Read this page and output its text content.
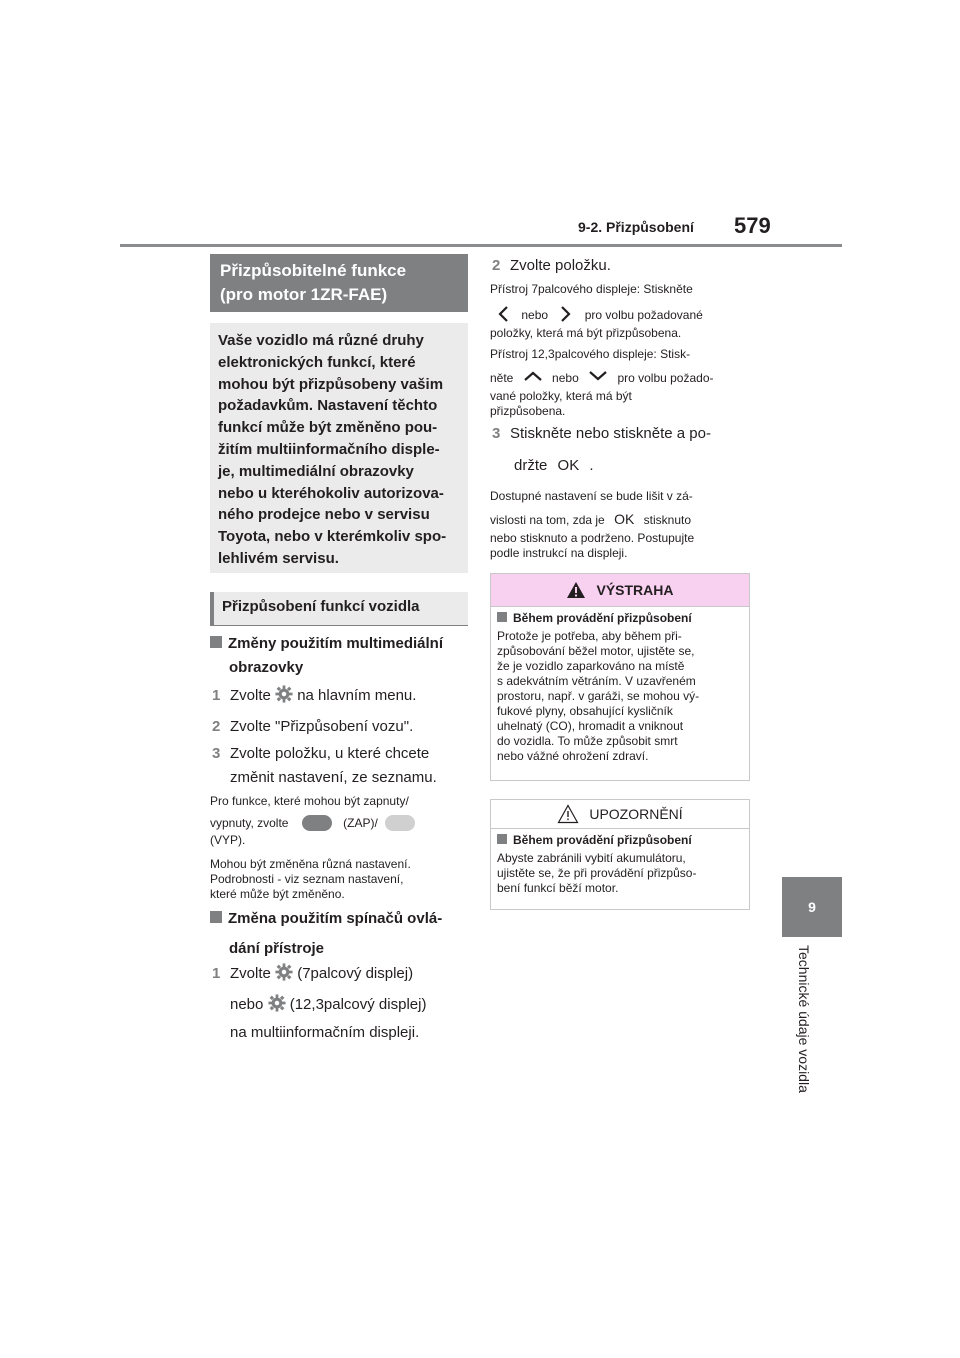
9-2. Přizpůsobení 579
9
Technické údaje vozidla
Přizpůsobitelné funkce
(pro motor 1ZR-FAE)
Vaše vozidlo má různé druhy
elektronických funkcí, které
mohou být přizpůsobeny vašim
požadavkům. Nastavení těchto
funkcí může být změněno pou-
žitím multiinformačního disple-
je, multimediální obrazovky
nebo u kteréhokoliv autorizova-
ného prodejce nebo v servisu
Toyota, nebo v kterémkoliv spo-
lehlivém servisu.
Přizpůsobení funkcí vozidla
Změny použitím multimediální
obrazovky
1 Zvolte na hlavním menu.
2 Zvolte "Přizpůsobení vozu".
3 Zvolte položku, u které chcete
změnit nastavení, ze seznamu.
Pro funkce, které mohou být zapnuty/
vypnuty, zvolte	(ZAP)/
(VYP).
Mohou být změněna různá nastavení.
Podrobnosti - viz seznam nastavení,
které může být změněno.
Změna použitím spínačů ovlá-
dání přístroje
1 Zvolte (7palcový displej)
nebo (12,3palcový displej)
na multiinformačním displeji.
2 Zvolte položku.
Přístroj 7palcového displeje: Stiskněte
nebo	pro volbu požadované
položky, která má být přizpůsobena.
Přístroj 12,3palcového displeje: Stisk-
něte	nebo	pro volbu požado-
vané položky, která má být
přizpůsobena.
3 Stiskněte nebo stiskněte a po-
držte OK .
Dostupné nastavení se bude lišit v zá-
vislosti na tom, zda je OK stisknuto
nebo stisknuto a podrženo. Postupujte
podle instrukcí na displeji.
VÝSTRAHA
Během provádění přizpůsobení
Protože je potřeba, aby během při-
způsobování běžel motor, ujistěte se,
že je vozidlo zaparkováno na místě
s adekvátním větráním. V uzavřeném
prostoru, např. v garáži, se mohou vý-
fukové plyny, obsahující kysličník
uhelnatý (CO), hromadit a vniknout
do vozidla. To může způsobit smrt
nebo vážné ohrožení zdraví.
UPOZORNĚNÍ
Během provádění přizpůsobení
Abyste zabránili vybití akumulátoru,
ujistěte se, že při provádění přizpůso-
bení funkcí běží motor.
